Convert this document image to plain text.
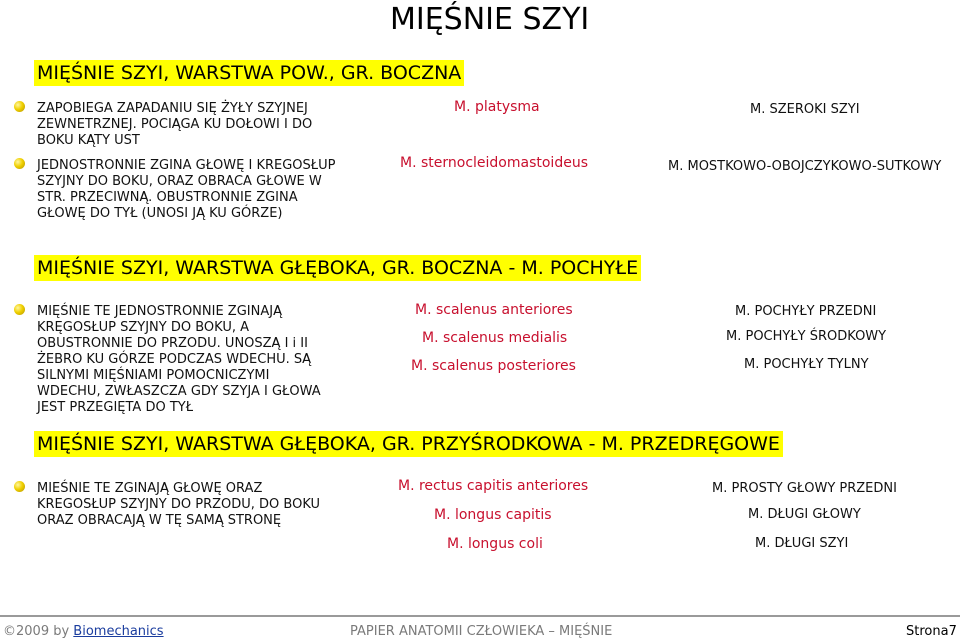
MIĘŚNIE SZYI
MIĘŚNIE SZYI, WARSTWA POW., GR. BOCZNA
ZAPOBIEGA ZAPADANIU SIĘ ŻYŁY SZYJNEJ
ZEWNETRZNEJ. POCIĄGA KU DOŁOWI I DO
BOKU KĄTY UST
JEDNOSTRONNIE ZGINA GŁOWĘ I KREGOSŁUP
SZYJNY DO BOKU, ORAZ OBRACA GŁOWE W
STR. PRZECIWNĄ. OBUSTRONNIE ZGINA
GŁOWĘ DO TYŁ (UNOSI JĄ KU GÓRZE)
M. platysma
M. sternocleidomastoideus
M. SZEROKI SZYI
M. MOSTKOWO-OBOJCZYKOWO-SUTKOWY
MIĘŚNIE SZYI, WARSTWA GŁĘBOKA, GR. BOCZNA - M. POCHYŁE
MIĘŚNIE TE JEDNOSTRONNIE ZGINAJĄ
KRĘGOSŁUP SZYJNY DO BOKU, A
OBUSTRONNIE DO PRZODU. UNOSZĄ I i II
ŻEBRO KU GÓRZE PODCZAS WDECHU. SĄ
SILNYMI MIĘŚNIAMI POMOCNICZYMI
WDECHU, ZWŁASZCZA GDY SZYJA I GŁOWA
JEST PRZEGIĘTA DO TYŁ
M. scalenus anteriores
M. scalenus medialis
M. scalenus posteriores
M. POCHYŁY PRZEDNI
M. POCHYŁY ŚRODKOWY
M. POCHYŁY TYLNY
MIĘŚNIE SZYI, WARSTWA GŁĘBOKA, GR. PRZYŚRODKOWA - M. PRZEDRĘGOWE
MIEŚNIE TE ZGINAJĄ GŁOWĘ ORAZ
KREGOSŁUP SZYJNY DO PRZODU, DO BOKU
ORAZ OBRACAJĄ W TĘ SAMĄ STRONĘ
M. rectus capitis anteriores
M. longus capitis
M. longus coli
M. PROSTY GŁOWY PRZEDNI
M. DŁUGI GŁOWY
M. DŁUGI SZYI
©2009 by Biomechanics	PAPIER ANATOMII CZŁOWIEKA – MIĘŚNIE	Strona7
